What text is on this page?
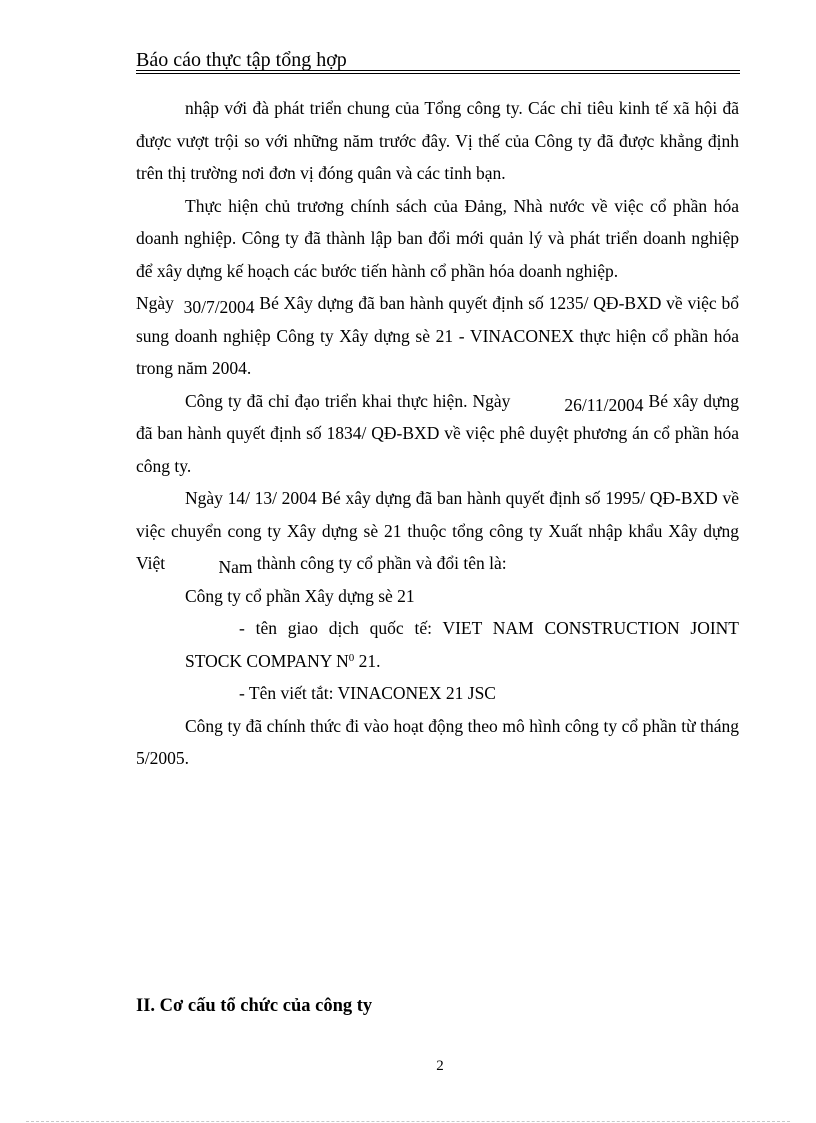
Báo cáo thực tập tổng hợp

nhập với đà phát triển chung của Tổng công ty. Các chỉ tiêu kinh tế xã hội đã được vượt trội so với những năm trước đây. Vị thế của Công ty đã được khẳng định trên thị trường nơi đơn vị đóng quân và các tỉnh bạn.

Thực hiện chủ trương chính sách của Đảng, Nhà nước về việc cổ phần hóa doanh nghiệp. Công ty đã thành lập ban đổi mới quản lý và phát triển doanh nghiệp để xây dựng kế hoạch các bước tiến hành cổ phần hóa doanh nghiệp.

Ngày 30/7/2004 Bé Xây dựng đã ban hành quyết định số 1235/ QĐ-BXD về việc bổ sung doanh nghiệp Công ty Xây dựng sè 21 - VINACONEX thực hiện cổ phần hóa trong năm 2004.

Công ty đã chỉ đạo triển khai thực hiện. Ngày	26/11/2004 Bé xây dựng đã ban hành quyết định số 1834/ QĐ-BXD về việc phê duyệt phương án cổ phần hóa công ty.

Ngày 14/ 13/ 2004 Bé xây dựng đã ban hành quyết định số 1995/ QĐ-BXD về việc chuyển cong ty Xây dựng sè 21 thuộc tổng công ty Xuất nhập khẩu Xây dựng Việt	Nam thành công ty cổ phần và đổi tên là:

Công ty cổ phần Xây dựng sè 21

- tên giao dịch quốc tế: VIET NAM CONSTRUCTION JOINT STOCK COMPANY $N^0$ 21.

- Tên viết tắt: VINACONEX 21 JSC

Công ty đã chính thức đi vào hoạt động theo mô hình công ty cổ phần từ tháng 5/2005.

II. Cơ cấu tổ chức của công ty
2
